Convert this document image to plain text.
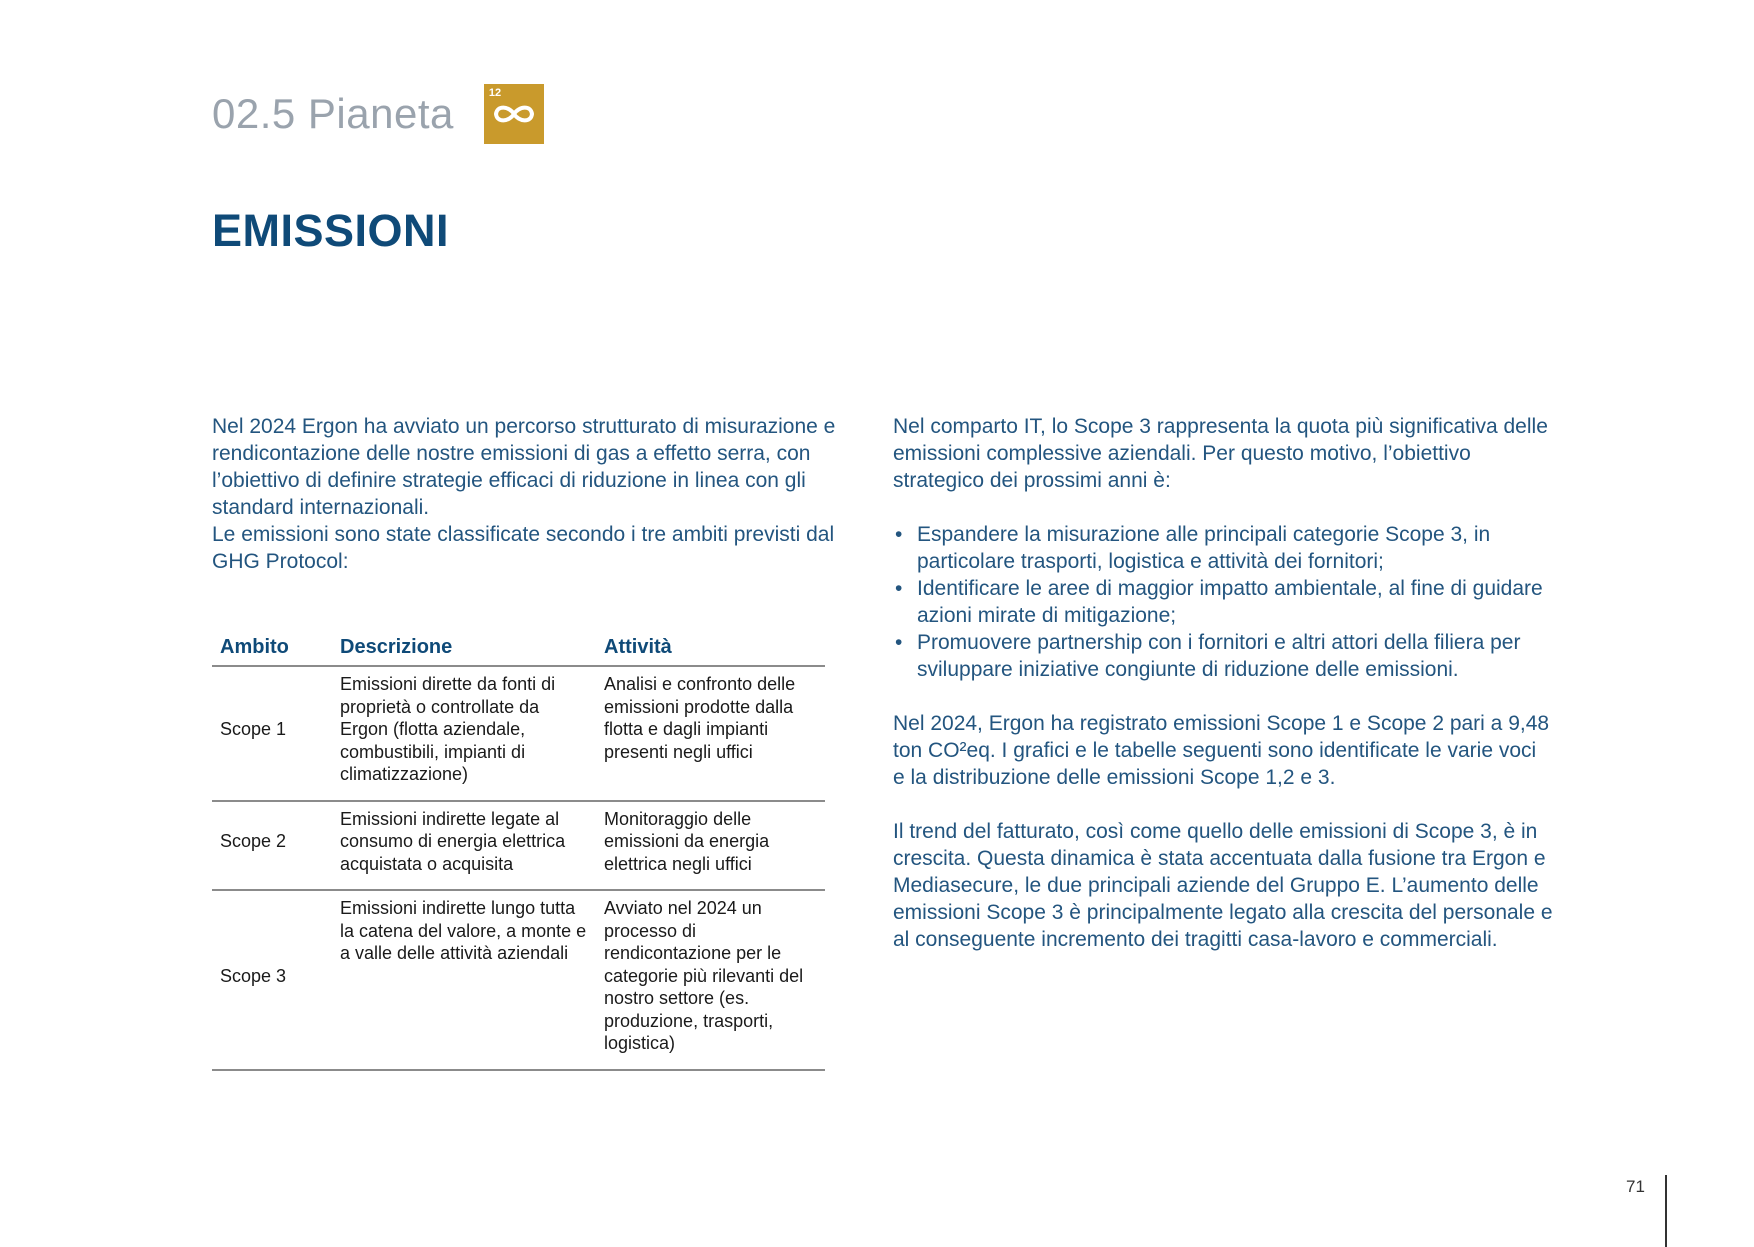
02.5 Pianeta	12
EMISSIONI

Nel 2024 Ergon ha avviato un percorso strutturato di misurazione e rendicontazione delle nostre emissioni di gas a effetto serra, con l’obiettivo di definire strategie efficaci di riduzione in linea con gli standard internazionali.

Le emissioni sono state classificate secondo i tre ambiti previsti dal GHG Protocol:

Ambito	Descrizione	Attività
Scope 1	Emissioni dirette da fonti di proprietà o controllate da Ergon (flotta aziendale, combustibili, impianti di climatizzazione)	Analisi e confronto delle emissioni prodotte dalla flotta e dagli impianti presenti negli uffici
Scope 2	Emissioni indirette legate al consumo di energia elettrica acquistata o acquisita	Monitoraggio delle emissioni da energia elettrica negli uffici
Scope 3	Emissioni indirette lungo tutta la catena del valore, a monte e a valle delle attività aziendali	Avviato nel 2024 un processo di rendicontazione per le categorie più rilevanti del nostro settore (es. produzione, trasporti, logistica)

Nel comparto IT, lo Scope 3 rappresenta la quota più significativa delle emissioni complessive aziendali. Per questo motivo, l’obiettivo strategico dei prossimi anni è:

• Espandere la misurazione alle principali categorie Scope 3, in particolare trasporti, logistica e attività dei fornitori;
• Identificare le aree di maggior impatto ambientale, al fine di guidare azioni mirate di mitigazione;
• Promuovere partnership con i fornitori e altri attori della filiera per sviluppare iniziative congiunte di riduzione delle emissioni.

Nel 2024, Ergon ha registrato emissioni Scope 1 e Scope 2 pari a 9,48 ton CO²eq. I grafici e le tabelle seguenti sono identificate le varie voci e la distribuzione delle emissioni Scope 1,2 e 3.

Il trend del fatturato, così come quello delle emissioni di Scope 3, è in crescita. Questa dinamica è stata accentuata dalla fusione tra Ergon e Mediasecure, le due principali aziende del Gruppo E. L’aumento delle emissioni Scope 3 è principalmente legato alla crescita del personale e al conseguente incremento dei tragitti casa-lavoro e commerciali.

71
